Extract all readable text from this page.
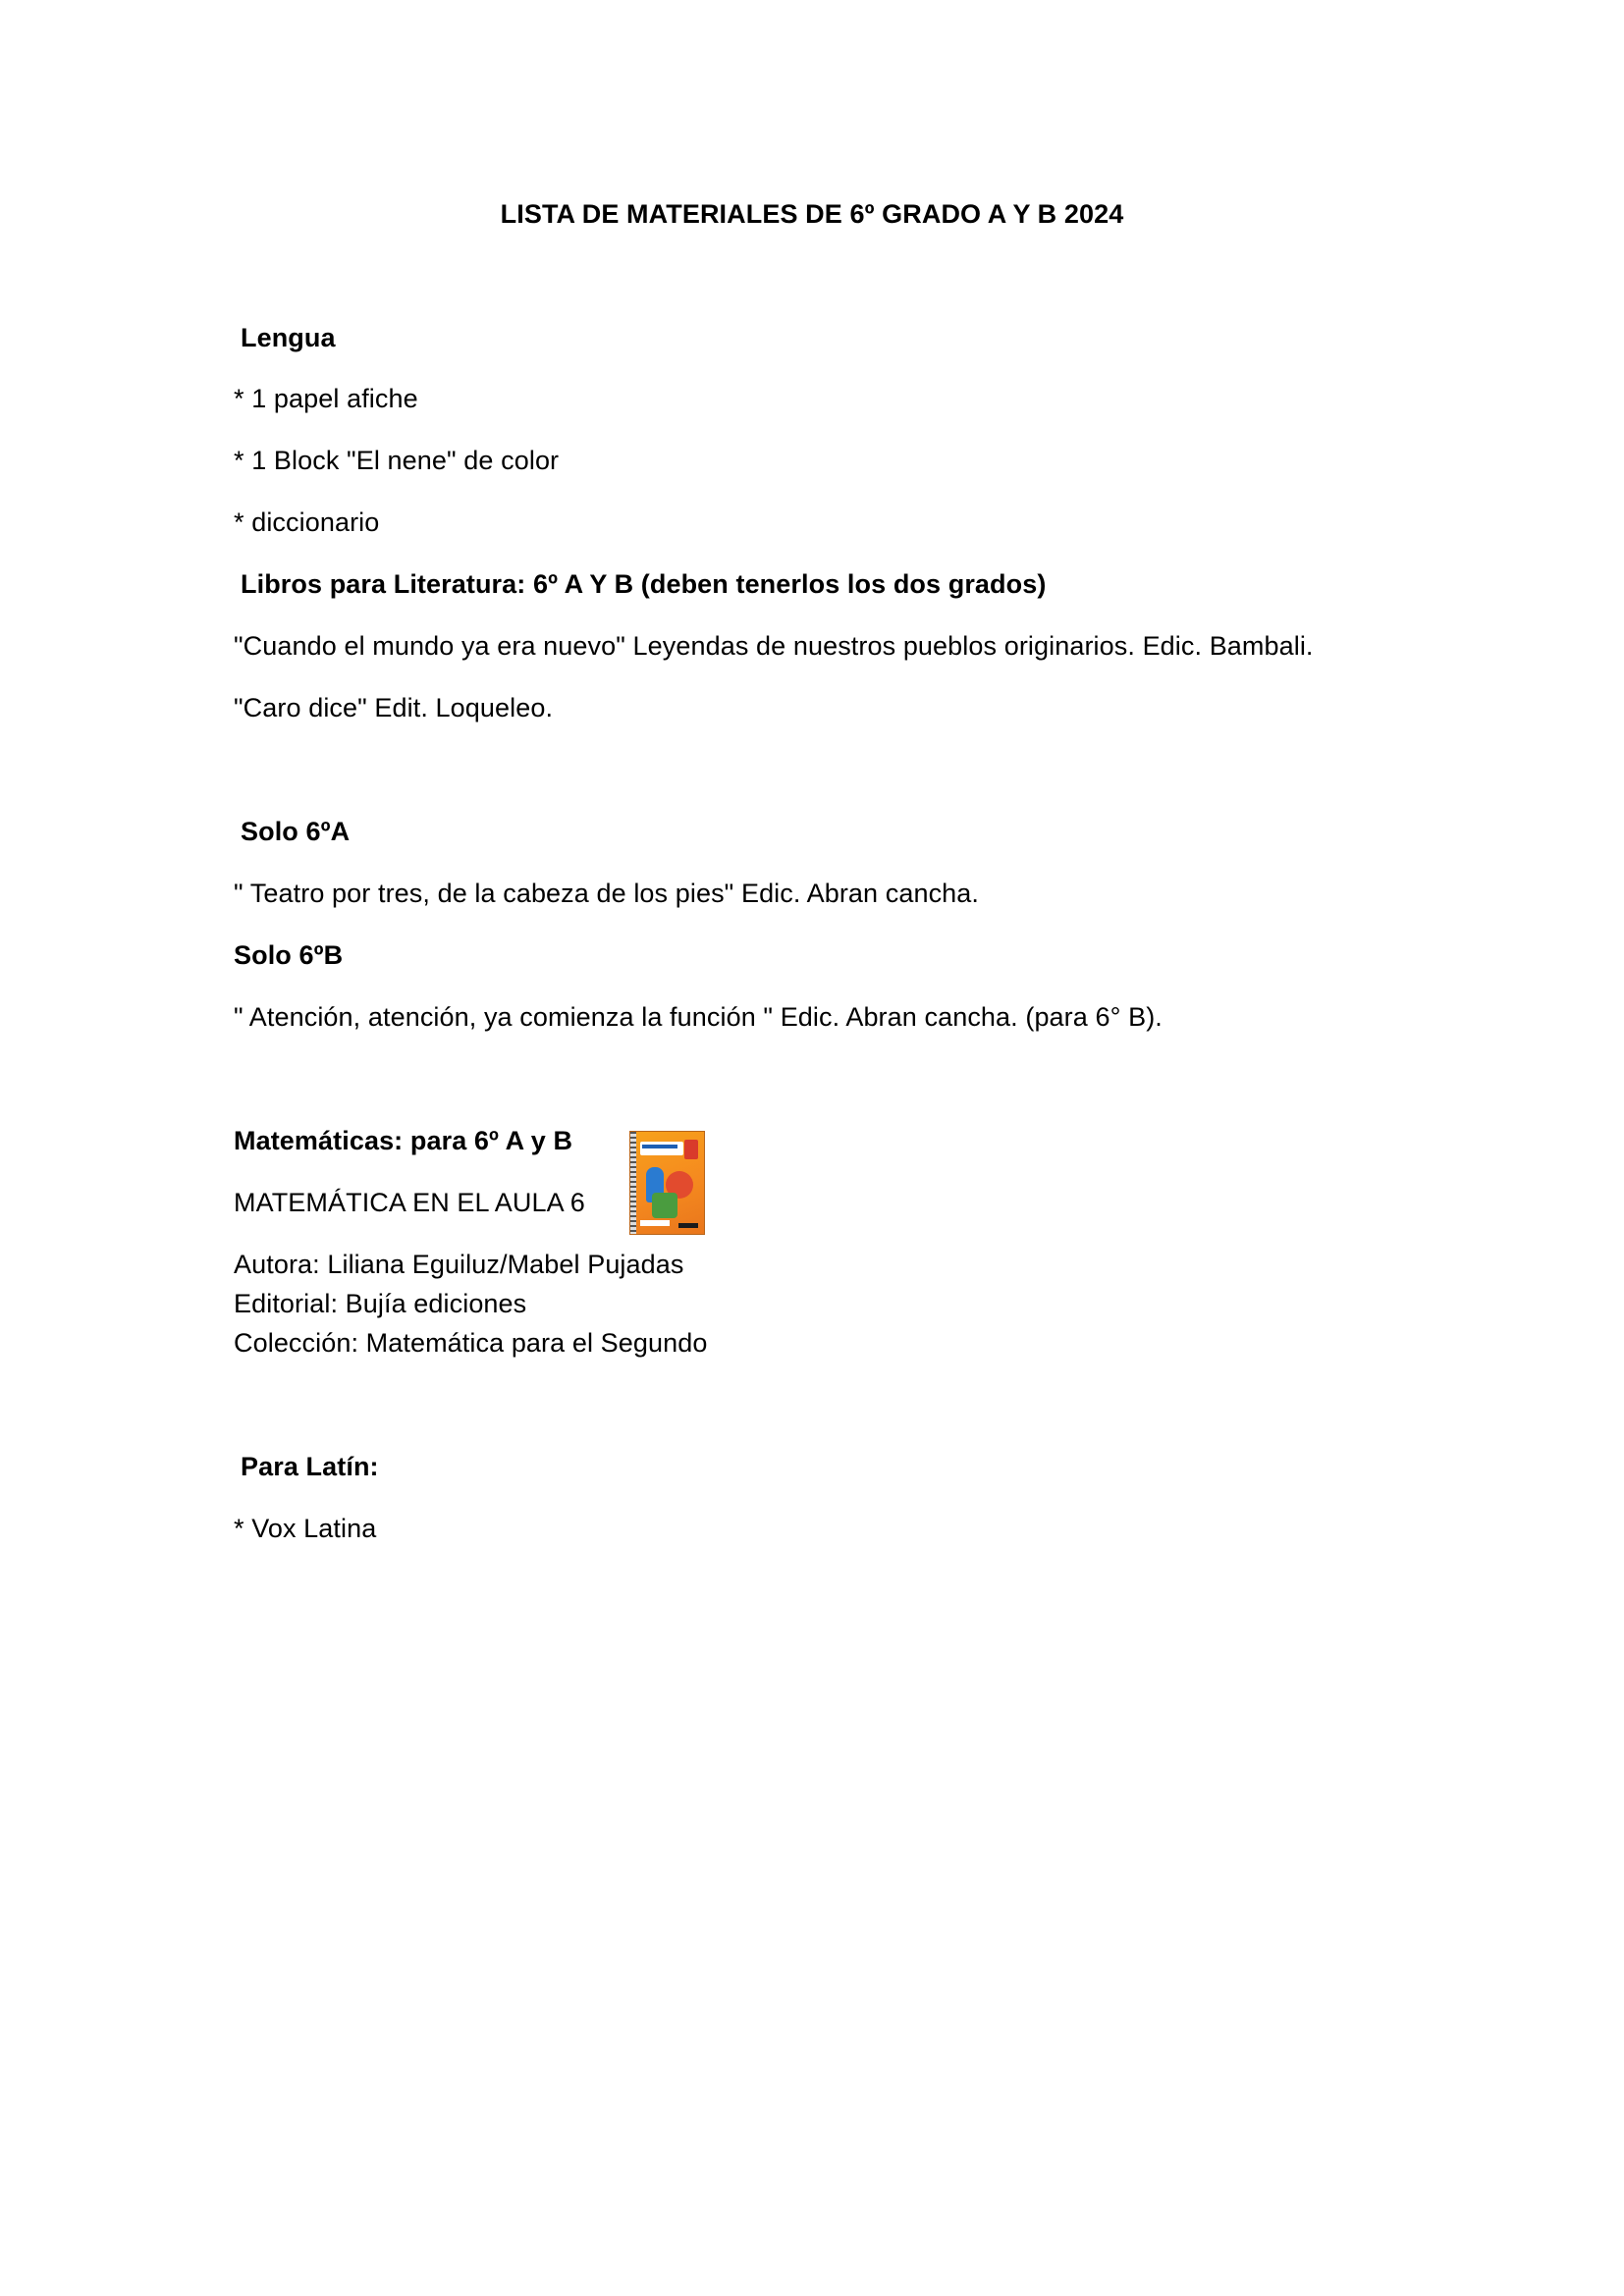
LISTA DE MATERIALES DE 6º GRADO A Y B 2024
Lengua
* 1 papel afiche
* 1 Block "El nene" de color
* diccionario
Libros para Literatura: 6º A Y B (deben tenerlos los dos grados)
"Cuando el mundo ya era nuevo" Leyendas de nuestros pueblos originarios. Edic. Bambali.
"Caro dice" Edit. Loqueleo.
Solo 6ºA
" Teatro por tres, de la cabeza de los pies" Edic. Abran cancha.
Solo 6ºB
" Atención, atención, ya comienza la función " Edic. Abran cancha. (para 6° B).
Matemáticas: para 6º A y B
MATEMÁTICA EN EL AULA 6
Autora: Liliana Eguiluz/Mabel Pujadas
Editorial: Bujía ediciones
Colección: Matemática para el Segundo
Para Latín:
* Vox Latina
